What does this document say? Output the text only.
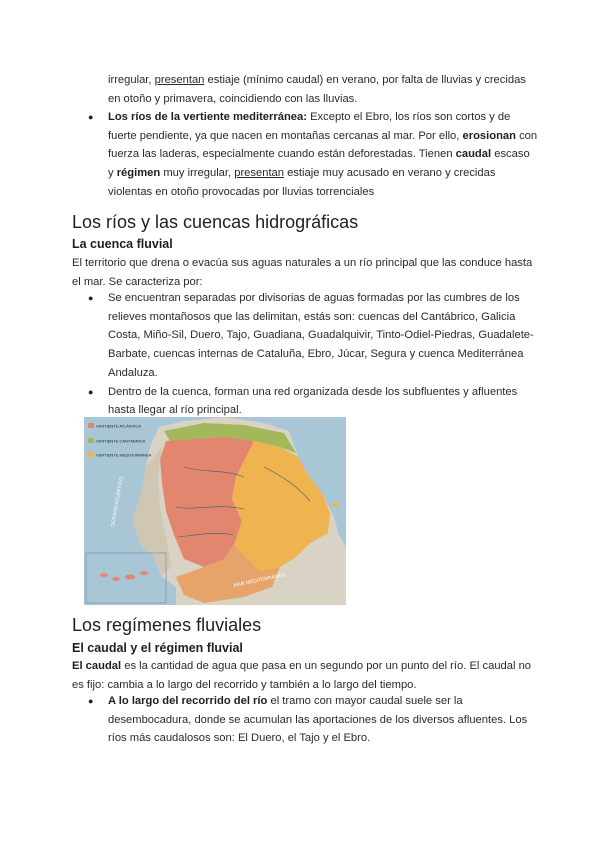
irregular, presentan estiaje (mínimo caudal) en verano, por falta de lluvias y crecidas en otoño y primavera, coincidiendo con las lluvias.

● Los ríos de la vertiente mediterránea: Excepto el Ebro, los ríos son cortos y de fuerte pendiente, ya que nacen en montañas cercanas al mar. Por ello, erosionan con fuerza las laderas, especialmente cuando están deforestadas. Tienen caudal escaso y régimen muy irregular, presentan estiaje muy acusado en verano y crecidas violentas en otoño provocadas por lluvias torrenciales
Los ríos y las cuencas hidrográficas
La cuenca fluvial

El territorio que drena o evacúa sus aguas naturales a un río principal que las conduce hasta el mar. Se caracteriza por:

● Se encuentran separadas por divisorias de aguas formadas por las cumbres de los relieves montañosos que las delimitan, estás son: cuencas del Cantábrico, Galicia Costa, Miño-Sil, Duero, Tajo, Guadiana, Guadalquivir, Tinto-Odiel-Piedras, Guadalete-Barbate, cuencas internas de Cataluña, Ebro, Júcar, Segura y cuenca Mediterránea Andaluza.
● Dentro de la cuenca, forman una red organizada desde los subfluentes y afluentes hasta llegar al río principal.
VERTIENTE ATLÁNTICA
VERTIENTE CANTÁBRICA
VERTIENTE MEDITERRÁNEA
MAR MEDITERRÁNEO
OCÉANO ATLÁNTICO
Los regímenes fluviales
El caudal y el régimen fluvial

El caudal es la cantidad de agua que pasa en un segundo por un punto del río. El caudal no es fijo: cambia a lo largo del recorrido y también a lo largo del tiempo.

● A lo largo del recorrido del río el tramo con mayor caudal suele ser la desembocadura, donde se acumulan las aportaciones de los diversos afluentes. Los ríos más caudalosos son: El Duero, el Tajo y el Ebro.
